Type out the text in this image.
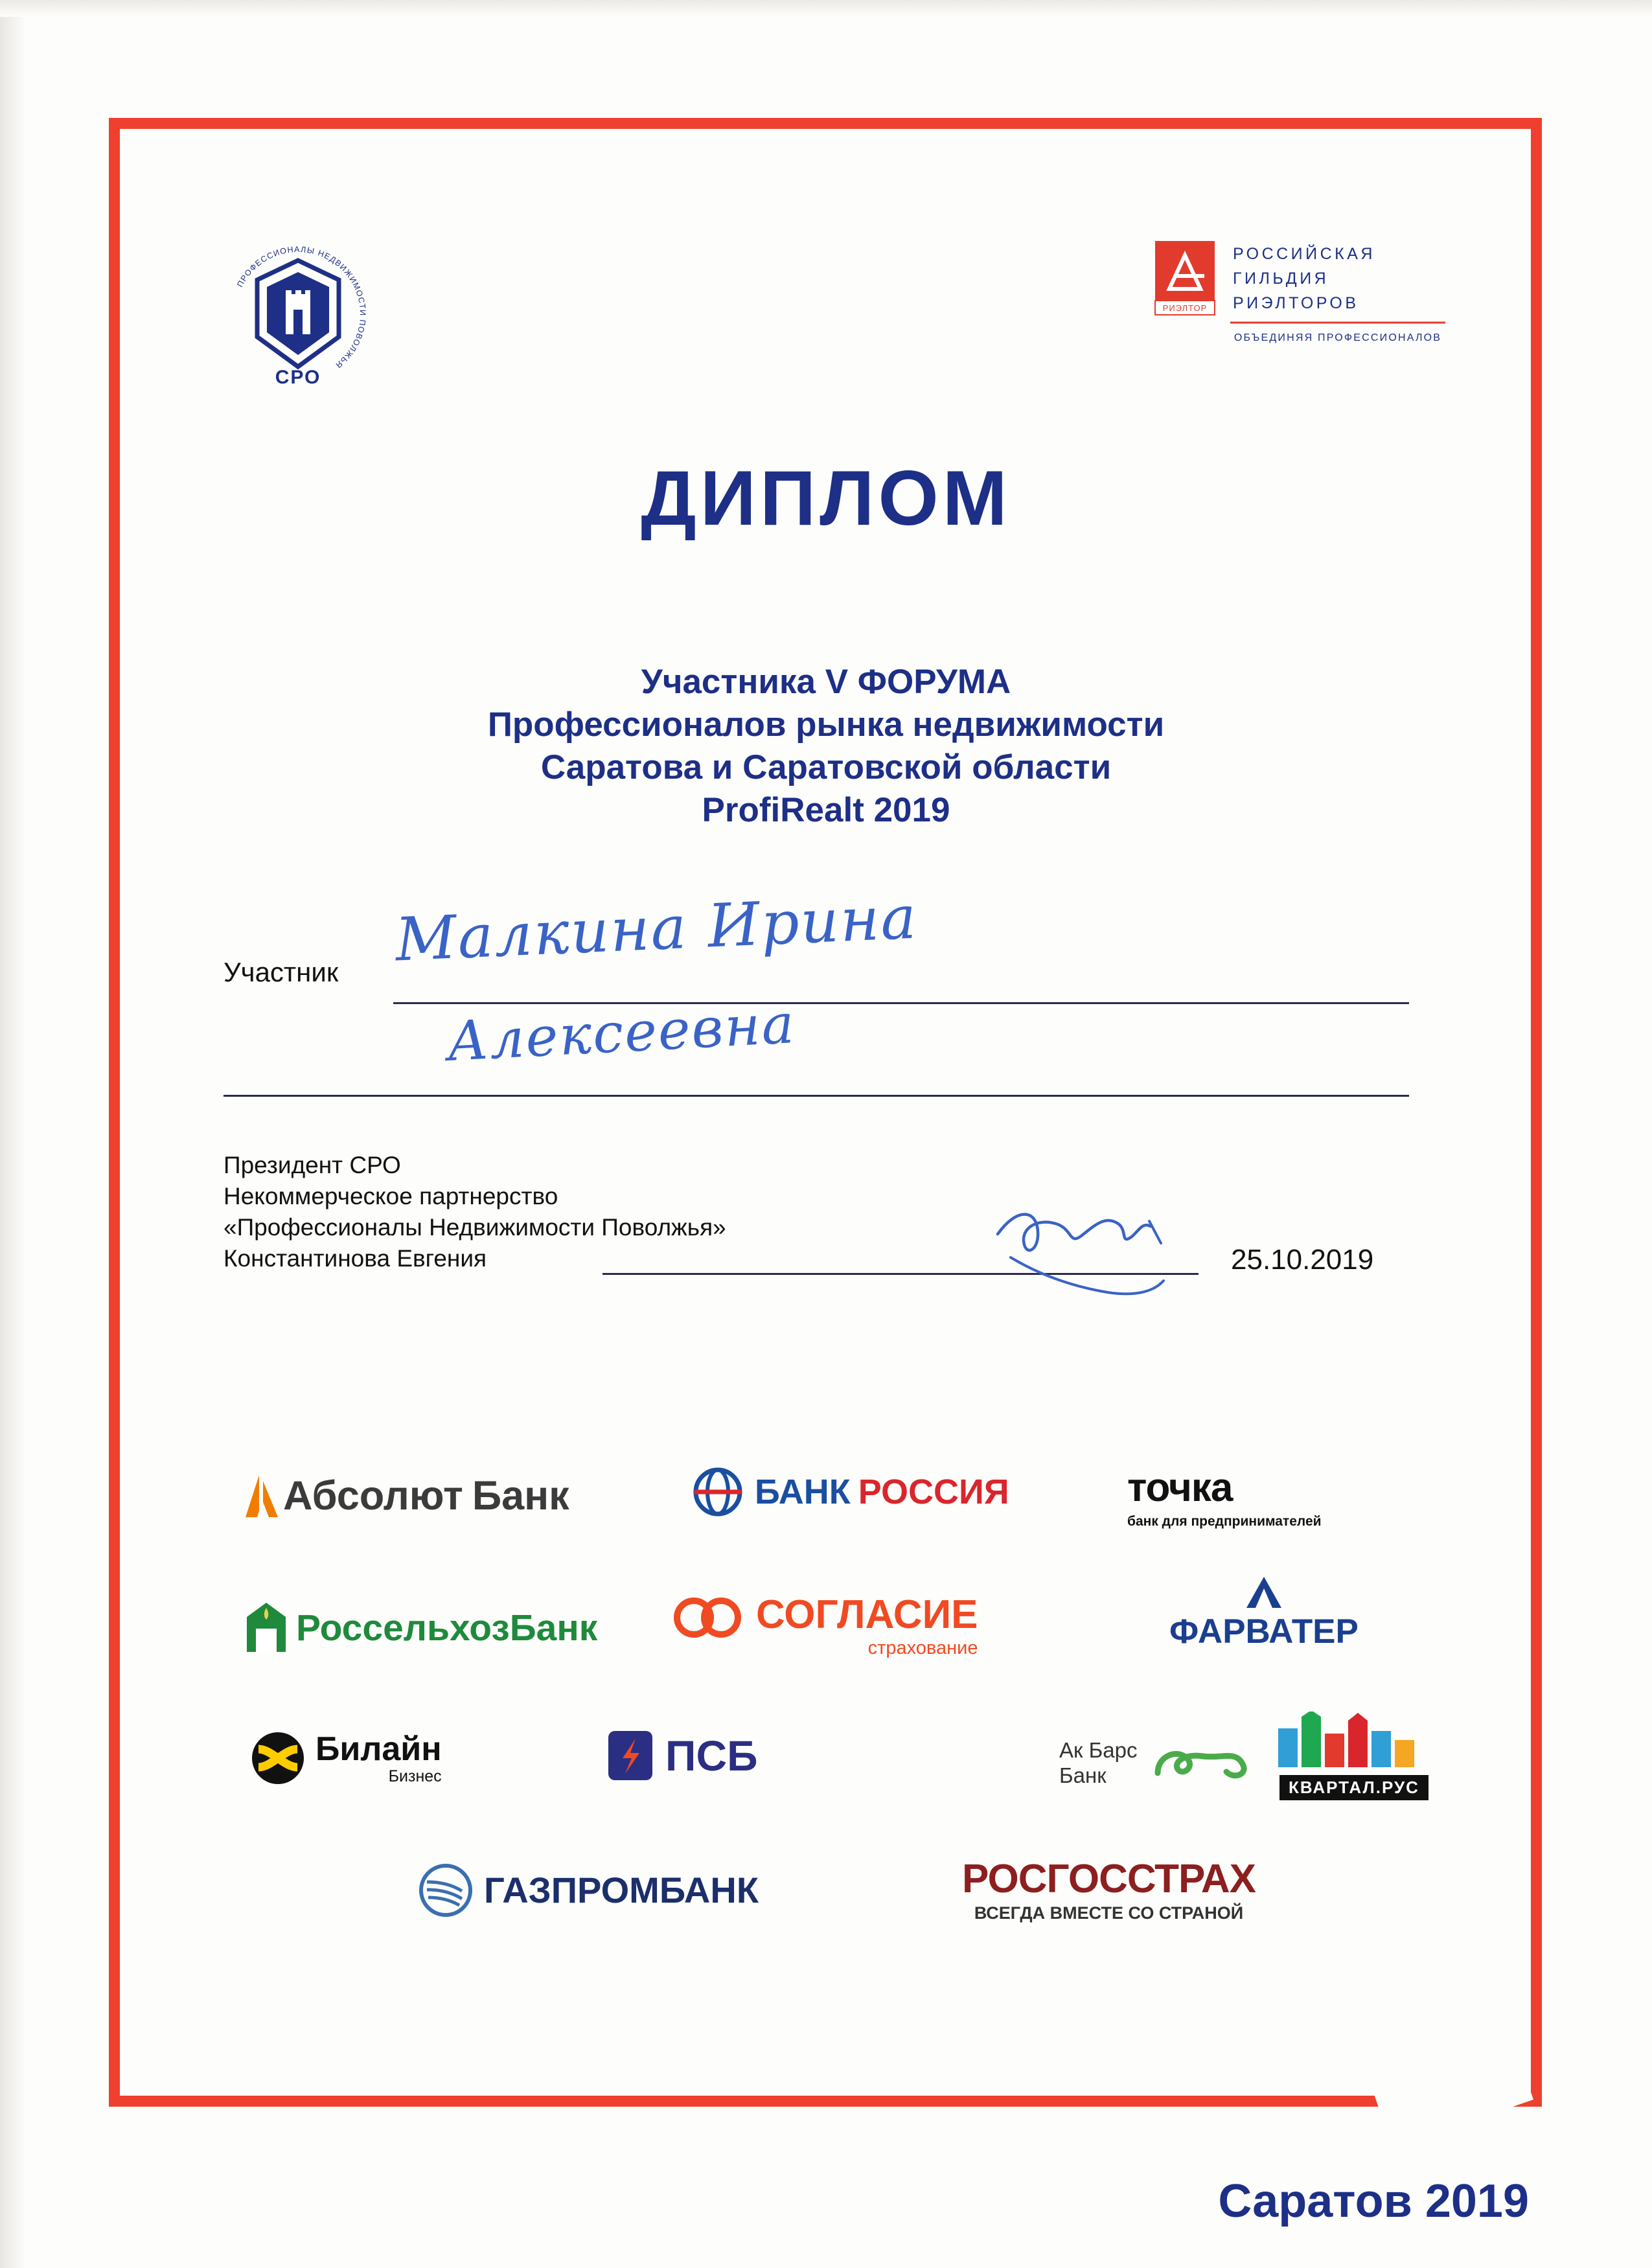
ПРОФЕССИОНАЛЫ НЕДВИЖИМОСТИ ПОВОЛЖЬЯ
СРО
РИЭЛТОР
РОССИЙСКАЯ
ГИЛЬДИЯ
РИЭЛТОРОВ
ОБЪЕДИНЯЯ ПРОФЕССИОНАЛОВ
ДИПЛОМ
Участника V ФОРУМА
Профессионалов рынка недвижимости
Саратова и Саратовской области
ProfiRealt 2019
Участник Малкина Ирина
Алексеевна
Президент СРО
Некоммерческое партнерство
«Профессионалы Недвижимости Поволжья»
Константинова Евгения	25.10.2019
Абсолют Банк	БАНК РОССИЯ	точка
банк для предпринимателей
Россельхоз Банк	СОГЛАСИЕ
страхование	ФАРВАТЕР
Билайн
Бизнес	ПСБ	Ак Барс
Банк	КВАРТАЛ.РУС
ГАЗПРОМБАНК	РОСГОССТРАХ
ВСЕГДА ВМЕСТЕ СО СТРАНОЙ
Саратов 2019
